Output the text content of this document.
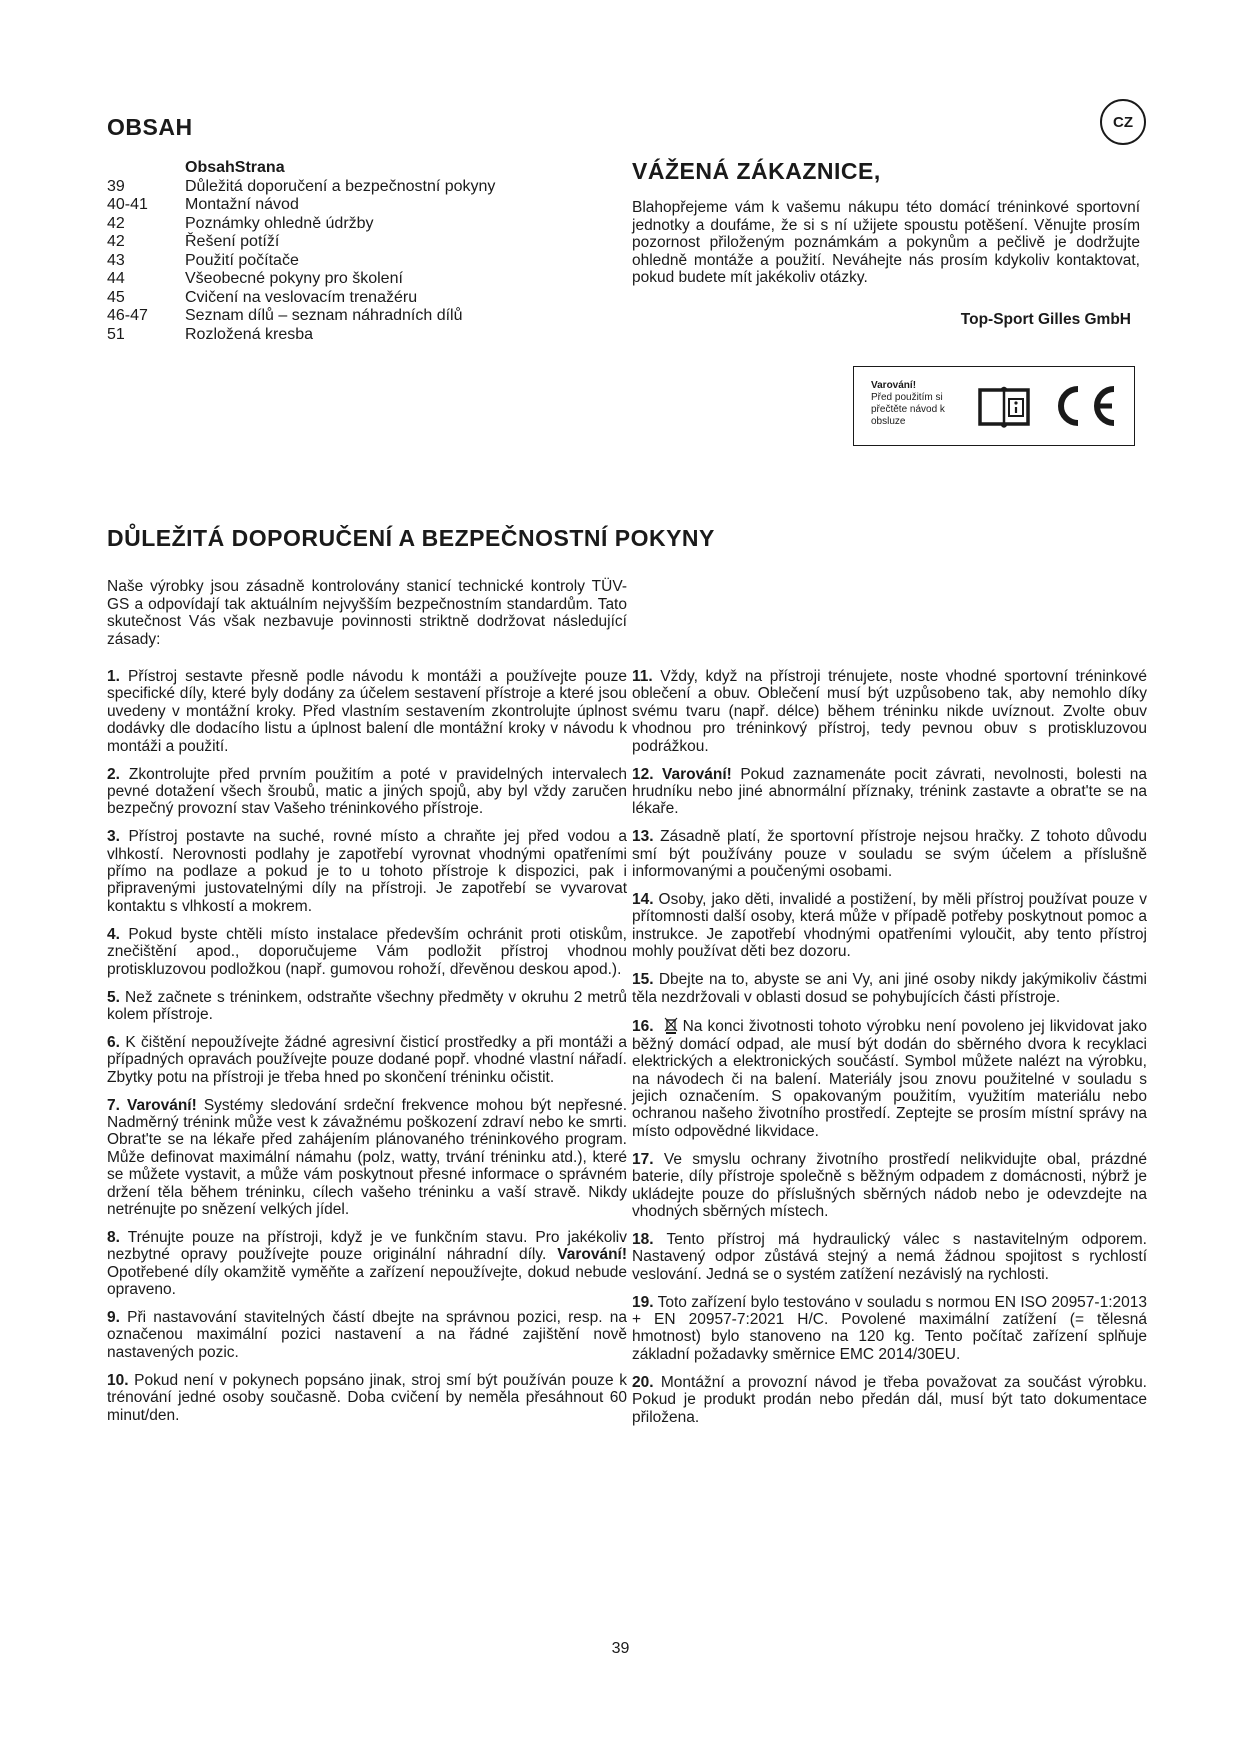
OBSAH	CZ
ObsahStrana
39	Důležitá doporučení a bezpečnostní pokyny
40-41	Montažní návod
42	Poznámky ohledně údržby
42	Řešení potíží
43	Použití počítače
44	Všeobecné pokyny pro školení
45	Cvičení na veslovacím trenažéru
46-47	Seznam dílů – seznam náhradních dílů
51	Rozložená kresba
VÁŽENÁ ZÁKAZNICE,
Blahopřejeme vám k vašemu nákupu této domácí tréninkové sportovní jednotky a doufáme, že si s ní užijete spoustu potěšení. Věnujte prosím pozornost přiloženým poznámkám a pokynům a pečlivě je dodržujte ohledně montáže a použití. Neváhejte nás prosím kdykoliv kontaktovat, pokud budete mít jakékoliv otázky.
Top-Sport Gilles GmbH
Varování!
Před použitím si přečtěte návod k obsluze
CE
DŮLEŽITÁ DOPORUČENÍ A BEZPEČNOSTNÍ POKYNY
Naše výrobky jsou zásadně kontrolovány stanicí technické kontroly TÜV-GS a odpovídají tak aktuálním nejvyšším bezpečnostním standardům. Tato skutečnost Vás však nezbavuje povinnosti striktně dodržovat následující zásady:

1. Přístroj sestavte přesně podle návodu k montáži a používejte pouze specifické díly, které byly dodány za účelem sestavení přístroje a které jsou uvedeny v montážní kroky. Před vlastním sestavením zkontrolujte úplnost dodávky dle dodacího listu a úplnost balení dle montážní kroky v návodu k montáži a použití.

2. Zkontrolujte před prvním použitím a poté v pravidelných intervalech pevné dotažení všech šroubů, matic a jiných spojů, aby byl vždy zaručen bezpečný provozní stav Vašeho tréninkového přístroje.

3. Přístroj postavte na suché, rovné místo a chraňte jej před vodou a vlhkostí. Nerovnosti podlahy je zapotřebí vyrovnat vhodnými opatřeními přímo na podlaze a pokud je to u tohoto přístroje k dispozici, pak i připravenými justovatelnými díly na přístroji. Je zapotřebí se vyvarovat kontaktu s vlhkostí a mokrem.

4. Pokud byste chtěli místo instalace především ochránit proti otiskům, znečištění apod., doporučujeme Vám podložit přístroj vhodnou protiskluzovou podložkou (např. gumovou rohoží, dřevěnou deskou apod.).

5. Než začnete s tréninkem, odstraňte všechny předměty v okruhu 2 metrů kolem přístroje.

6. K čištění nepoužívejte žádné agresivní čisticí prostředky a při montáži a případných opravách používejte pouze dodané popř. vhodné vlastní nářadí. Zbytky potu na přístroji je třeba hned po skončení tréninku očistit.

7. Varování! Systémy sledování srdeční frekvence mohou být nepřesné. Nadměrný trénink může vest k závažnému poškození zdraví nebo ke smrti. Obrat'te se na lékaře před zahájením plánovaného tréninkového program. Může definovat maximální námahu (polz, watty, trvání tréninku atd.), které se můžete vystavit, a může vám poskytnout přesné informace o správném držení těla během tréninku, cílech vašeho tréninku a vaší stravě. Nikdy netrénujte po snězení velkých jídel.

8. Trénujte pouze na přístroji, když je ve funkčním stavu. Pro jakékoliv nezbytné opravy používejte pouze originální náhradní díly. Varování! Opotřebené díly okamžitě vyměňte a zařízení nepoužívejte, dokud nebude opraveno.

9. Při nastavování stavitelných částí dbejte na správnou pozici, resp. na označenou maximální pozici nastavení a na řádné zajištění nově nastavených pozic.

10. Pokud není v pokynech popsáno jinak, stroj smí být používán pouze k trénování jedné osoby současně. Doba cvičení by neměla přesáhnout 60 minut/den.

11. Vždy, když na přístroji trénujete, noste vhodné sportovní tréninkové oblečení a obuv. Oblečení musí být uzpůsobeno tak, aby nemohlo díky svému tvaru (např. délce) během tréninku nikde uvíznout. Zvolte obuv vhodnou pro tréninkový přístroj, tedy pevnou obuv s protiskluzovou podrážkou.

12. Varování! Pokud zaznamenáte pocit závrati, nevolnosti, bolesti na hrudníku nebo jiné abnormální příznaky, trénink zastavte a obrat'te se na lékaře.

13. Zásadně platí, že sportovní přístroje nejsou hračky. Z tohoto důvodu smí být používány pouze v souladu se svým účelem a příslušně informovanými a poučenými osobami.

14. Osoby, jako děti, invalidé a postižení, by měli přístroj používat pouze v přítomnosti další osoby, která může v případě potřeby poskytnout pomoc a instrukce. Je zapotřebí vhodnými opatřeními vyloučit, aby tento přístroj mohly používat děti bez dozoru.

15. Dbejte na to, abyste se ani Vy, ani jiné osoby nikdy jakýmikoliv částmi těla nezdržovali v oblasti dosud se pohybujících části přístroje.

16. Na konci životnosti tohoto výrobku není povoleno jej likvidovat jako běžný domácí odpad, ale musí být dodán do sběrného dvora k recyklaci elektrických a elektronických součástí. Symbol můžete nalézt na výrobku, na návodech či na balení. Materiály jsou znovu použitelné v souladu s jejich označením. S opakovaným použitím, využitím materiálu nebo ochranou našeho životního prostředí. Zeptejte se prosím místní správy na místo odpovědné likvidace.

17. Ve smyslu ochrany životního prostředí nelikvidujte obal, prázdné baterie, díly přístroje společně s běžným odpadem z domácnosti, nýbrž je ukládejte pouze do příslušných sběrných nádob nebo je odevzdejte na vhodných sběrných místech.

18. Tento přístroj má hydraulický válec s nastavitelným odporem. Nastavený odpor zůstává stejný a nemá žádnou spojitost s rychlostí veslování. Jedná se o systém zatížení nezávislý na rychlosti.

19. Toto zařízení bylo testováno v souladu s normou EN ISO 20957-1:2013 + EN 20957-7:2021 H/C. Povolené maximální zatížení (= tělesná hmotnost) bylo stanoveno na 120 kg. Tento počítač zařízení splňuje základní požadavky směrnice EMC 2014/30EU.

20. Montážní a provozní návod je třeba považovat za součást výrobku. Pokud je produkt prodán nebo předán dál, musí být tato dokumentace přiložena.

39
